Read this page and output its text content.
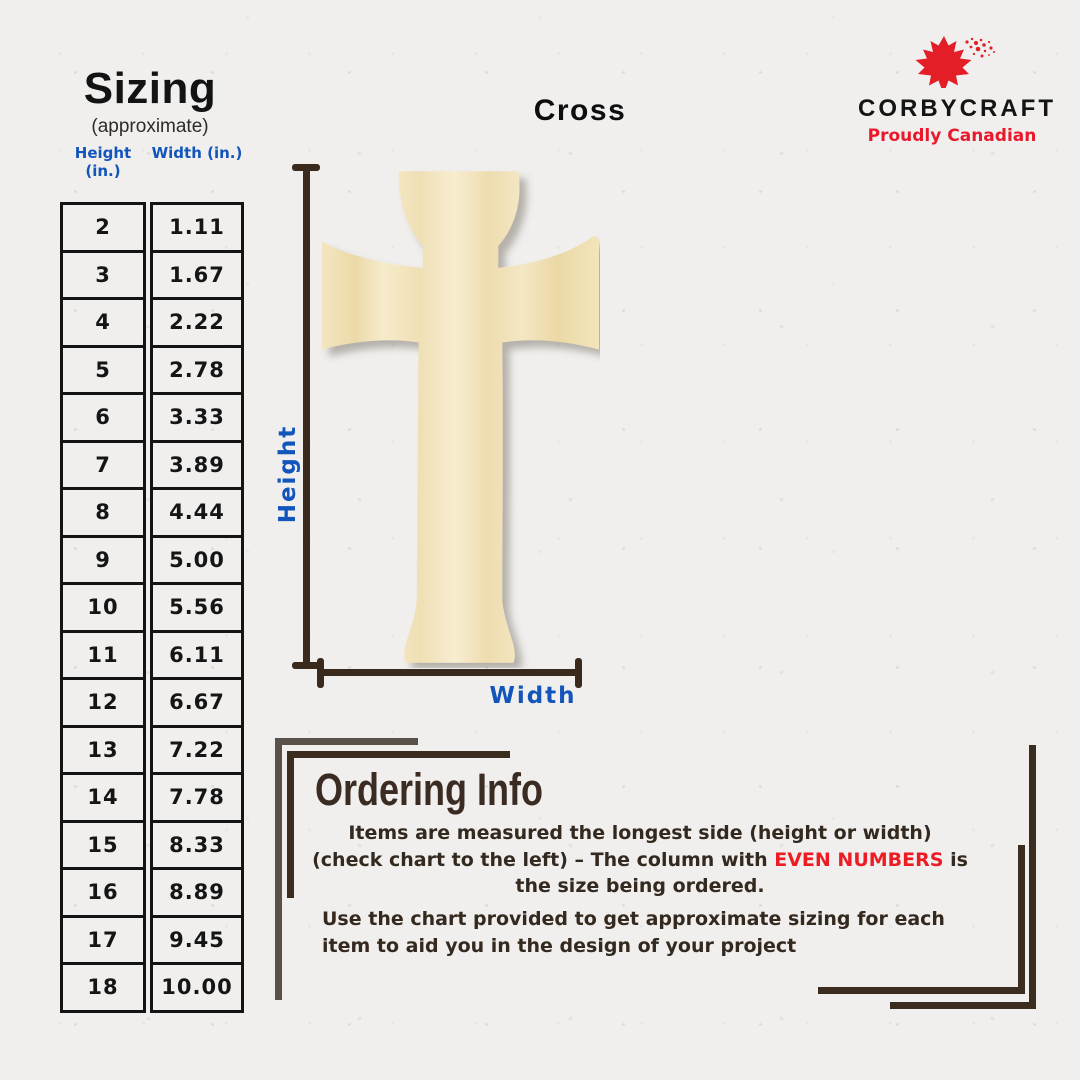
Sizing
(approximate)
Height (in.)
Width (in.)
2
3
4
5
6
7
8
9
10
11
12
13
14
15
16
17
18
1.11
1.67
2.22
2.78
3.33
3.89
4.44
5.00
5.56
6.11
6.67
7.22
7.78
8.33
8.89
9.45
10.00
Cross
Height
Width
CORBYCRAFT
Proudly Canadian
Ordering Info
Items are measured the longest side (height or width) (check chart to the left) – The column with EVEN NUMBERS is the size being ordered.
Use the chart provided to get approximate sizing for each item to aid you in the design of your project
